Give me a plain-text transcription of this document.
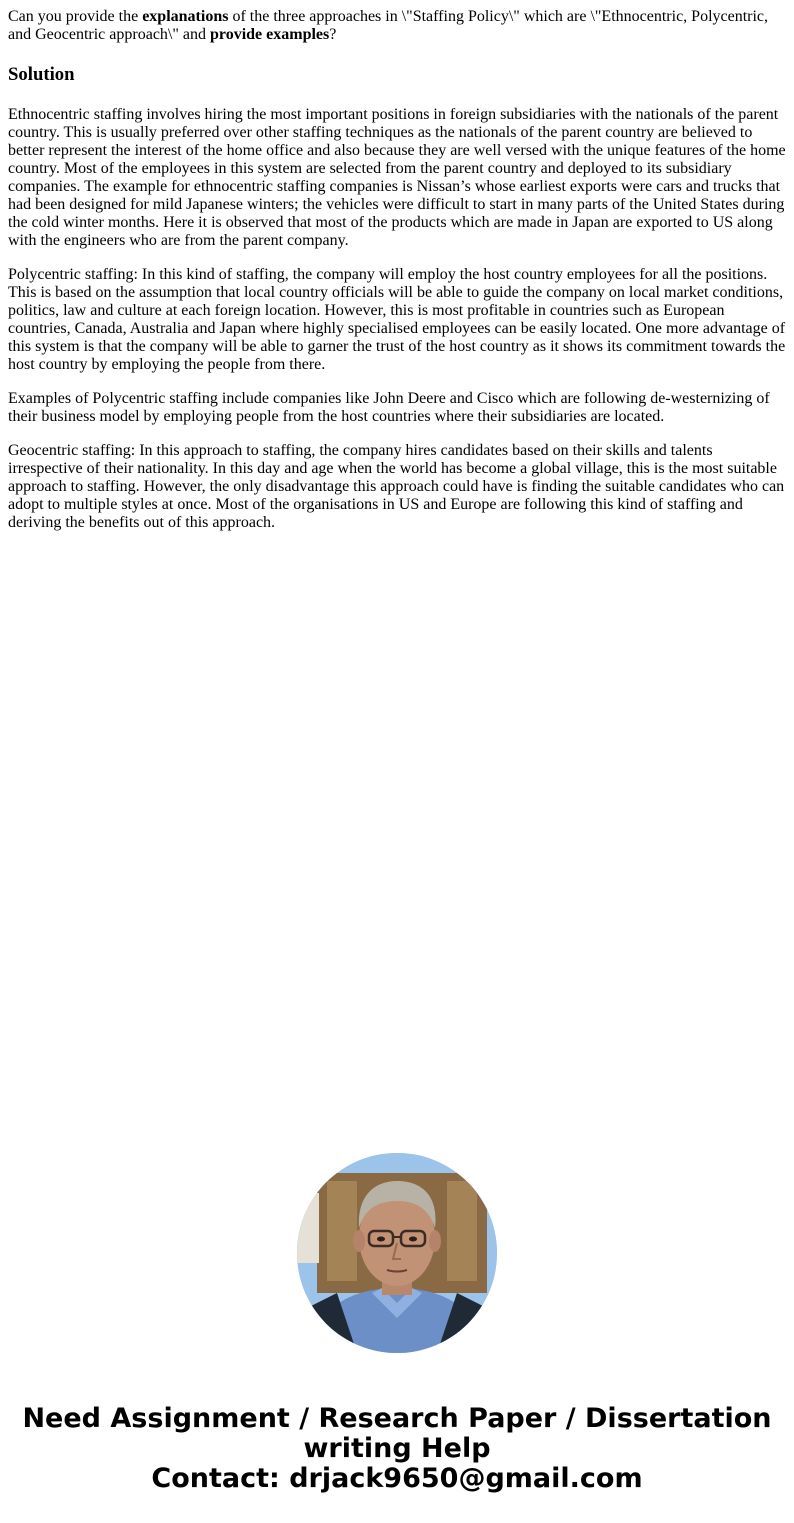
Can you provide the explanations of the three approaches in \"Staffing Policy\" which are \"Ethnocentric, Polycentric, and Geocentric approach\" and provide examples?

Solution

Ethnocentric staffing involves hiring the most important positions in foreign subsidiaries with the nationals of the parent country. This is usually preferred over other staffing techniques as the nationals of the parent country are believed to better represent the interest of the home office and also because they are well versed with the unique features of the home country. Most of the employees in this system are selected from the parent country and deployed to its subsidiary companies. The example for ethnocentric staffing companies is Nissan’s whose earliest exports were cars and trucks that had been designed for mild Japanese winters; the vehicles were difficult to start in many parts of the United States during the cold winter months. Here it is observed that most of the products which are made in Japan are exported to US along with the engineers who are from the parent company.

Polycentric staffing: In this kind of staffing, the company will employ the host country employees for all the positions. This is based on the assumption that local country officials will be able to guide the company on local market conditions, politics, law and culture at each foreign location. However, this is most profitable in countries such as European countries, Canada, Australia and Japan where highly specialised employees can be easily located. One more advantage of this system is that the company will be able to garner the trust of the host country as it shows its commitment towards the host country by employing the people from there.

Examples of Polycentric staffing include companies like John Deere and Cisco which are following de-westernizing of their business model by employing people from the host countries where their subsidiaries are located.

Geocentric staffing: In this approach to staffing, the company hires candidates based on their skills and talents irrespective of their nationality. In this day and age when the world has become a global village, this is the most suitable approach to staffing. However, the only disadvantage this approach could have is finding the suitable candidates who can adopt to multiple styles at once. Most of the organisations in US and Europe are following this kind of staffing and deriving the benefits out of this approach.

Need Assignment / Research Paper / Dissertation
writing Help
Contact: drjack9650@gmail.com
